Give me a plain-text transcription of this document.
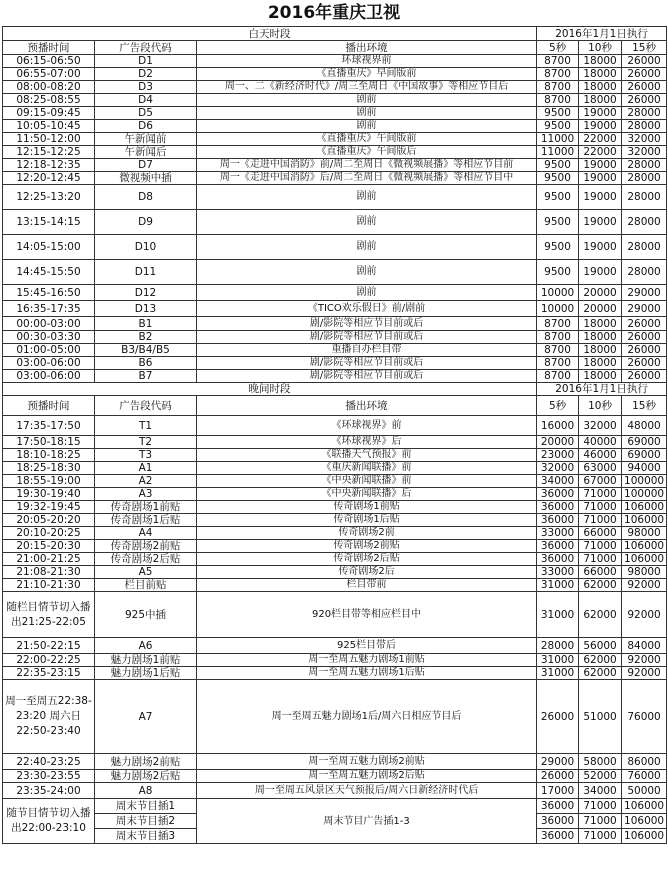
2016年重庆卫视
白天时段			2016年1月1日执行		
预播时间	广告段代码	播出环境	5秒	10秒	15秒
06:15-06:50	D1	环球视界前	8700	18000	26000
06:55-07:00	D2	《直播重庆》早间版前	8700	18000	26000
08:00-08:20	D3	周一、二《新经济时代》/周三至周日《中国故事》等相应节目后	8700	18000	26000
08:25-08:55	D4	剧前	8700	18000	26000
09:15-09:45	D5	剧前	9500	19000	28000
10:05-10:45	D6	剧前	9500	19000	28000
11:50-12:00	午新闻前	《直播重庆》午间版前	11000	22000	32000
12:15-12:25	午新闻后	《直播重庆》午间版后	11000	22000	32000
12:18-12:35	D7	周一《走进中国消防》前/周二至周日《微视频展播》等相应节目前	9500	19000	28000
12:20-12:45	微视频中插	周一《走进中国消防》后/周二至周日《微视频展播》等相应节目中	9500	19000	28000
12:25-13:20	D8	剧前	9500	19000	28000
13:15-14:15	D9	剧前	9500	19000	28000
14:05-15:00	D10	剧前	9500	19000	28000
14:45-15:50	D11	剧前	9500	19000	28000
15:45-16:50	D12	剧前	10000	20000	29000
16:35-17:35	D13	《TICO欢乐假日》前/剧前	10000	20000	29000
00:00-03:00	B1	剧/影院等相应节目前或后	8700	18000	26000
00:30-03:30	B2	剧/影院等相应节目前或后	8700	18000	26000
01:00-05:00	B3/B4/B5	重播自办栏目带	8700	18000	26000
03:00-06:00	B6	剧/影院等相应节目前或后	8700	18000	26000
03:00-06:00	B7	剧/影院等相应节目前或后	8700	18000	26000
晚间时段			2016年1月1日执行		
预播时间	广告段代码	播出环境	5秒	10秒	15秒
17:35-17:50	T1	《环球视界》前	16000	32000	48000
17:50-18:15	T2	《环球视界》后	20000	40000	69000
18:10-18:25	T3	《联播天气预报》前	23000	46000	69000
18:25-18:30	A1	《重庆新闻联播》前	32000	63000	94000
18:55-19:00	A2	《中央新闻联播》前	34000	67000	100000
19:30-19:40	A3	《中央新闻联播》后	36000	71000	100000
19:32-19:45	传奇剧场1前贴	传奇剧场1前贴	36000	71000	106000
20:05-20:20	传奇剧场1后贴	传奇剧场1后贴	36000	71000	106000
20:10-20:25	A4	传奇剧场2前	33000	66000	98000
20:15-20:30	传奇剧场2前贴	传奇剧场2前贴	36000	71000	106000
21:00-21:25	传奇剧场2后贴	传奇剧场2后贴	36000	71000	106000
21:08-21:30	A5	传奇剧场2后	33000	66000	98000
21:10-21:30	栏目前贴	栏目带前	31000	62000	92000
随栏目情节切入播出21:25-22:05	925中插	920栏目带等相应栏目中	31000	62000	92000
21:50-22:15	A6	925栏目带后	28000	56000	84000
22:00-22:25	魅力剧场1前贴	周一至周五魅力剧场1前贴	31000	62000	92000
22:35-23:15	魅力剧场1后贴	周一至周五魅力剧场1后贴	31000	62000	92000
周一至周五22:38-23:20 周六日22:50-23:40	A7	周一至周五魅力剧场1后/周六日相应节目后	26000	51000	76000
22:40-23:25	魅力剧场2前贴	周一至周五魅力剧场2前贴	29000	58000	86000
23:30-23:55	魅力剧场2后贴	周一至周五魅力剧场2后贴	26000	52000	76000
23:35-24:00	A8	周一至周五风景区天气预报后/周六日新经济时代后	17000	34000	50000
随节目情节切入播出22:00-23:10	周末节目插1	周末节目广告插1-3	36000	71000	106000
	周末节目插2		36000	71000	106000
	周末节目插3		36000	71000	106000
